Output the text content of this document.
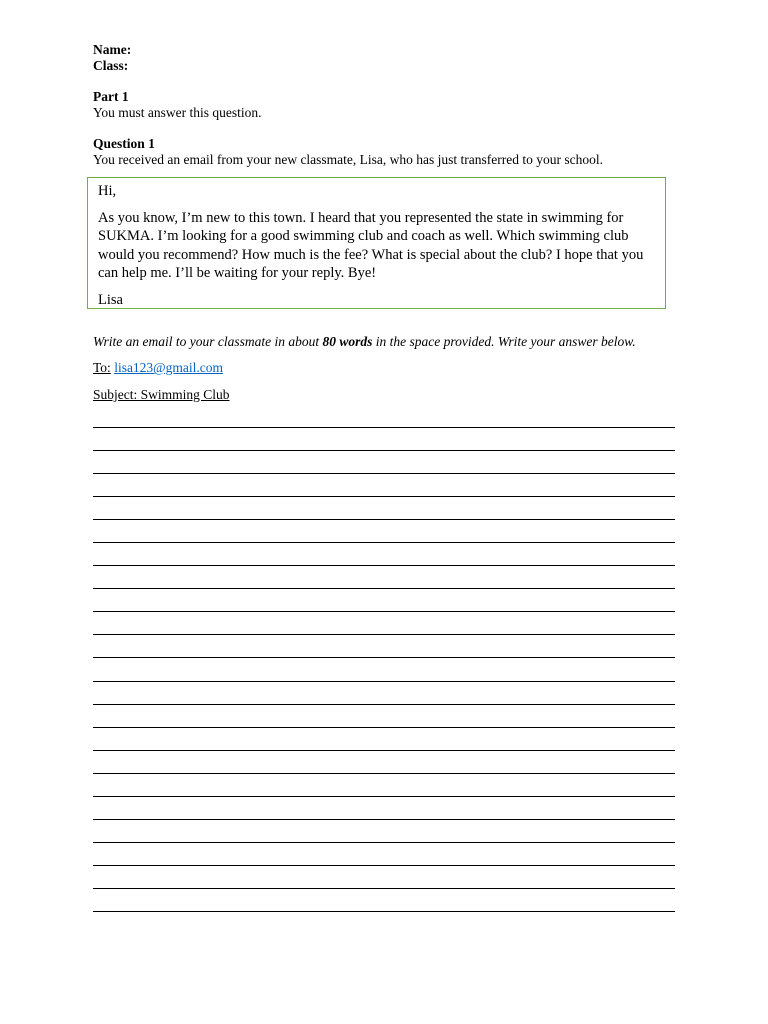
Name:

Class:

Part 1

You must answer this question.

Question 1

You received an email from your new classmate, Lisa, who has just transferred to your school.

Hi,

As you know, I’m new to this town. I heard that you represented the state in swimming for SUKMA. I’m looking for a good swimming club and coach as well. Which swimming club would you recommend? How much is the fee? What is special about the club? I hope that you can help me. I’ll be waiting for your reply. Bye!

Lisa

Write an email to your classmate in about 80 words in the space provided. Write your answer below.

To: lisa123@gmail.com

Subject: Swimming Club
